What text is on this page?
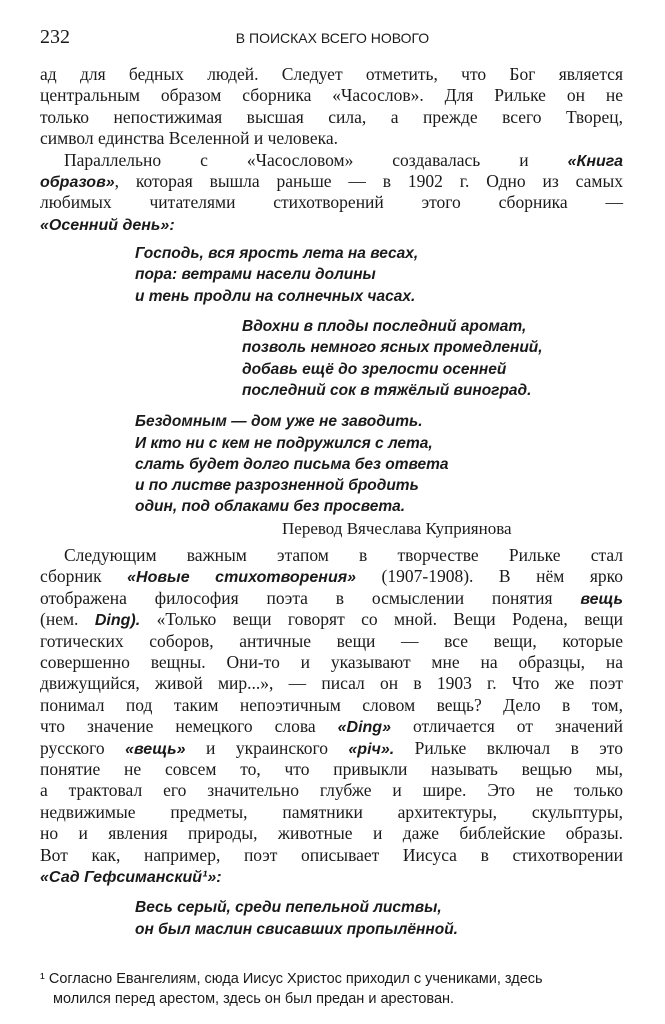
232	В ПОИСКАХ ВСЕГО НОВОГО
ад для бедных людей. Следует отметить, что Бог является
центральным образом сборника «Часослов». Для Рильке он не
только непостижимая высшая сила, а прежде всего Творец,
символ единства Вселенной и человека.
Параллельно с «Часословом» создавалась и «Книга
образов», которая вышла раньше — в 1902 г. Одно из самых
любимых читателями стихотворений этого сборника —
«Осенний день»:
Господь, вся ярость лета на весах,
пора: ветрами насели долины
и тень продли на солнечных часах.
Вдохни в плоды последний аромат,
позволь немного ясных промедлений,
добавь ещё до зрелости осенней
последний сок в тяжёлый виноград.
Бездомным — дом уже не заводить.
И кто ни с кем не подружился с лета,
слать будет долго письма без ответа
и по листве разрозненной бродить
один, под облаками без просвета.
Перевод Вячеслава Куприянова
Следующим важным этапом в творчестве Рильке стал
сборник «Новые стихотворения» (1907-1908). В нём ярко
отображена философия поэта в осмыслении понятия вещь
(нем. Ding). «Только вещи говорят со мной. Вещи Родена, вещи
готических соборов, античные вещи — все вещи, которые
совершенно вещны. Они-то и указывают мне на образцы, на
движущийся, живой мир...», — писал он в 1903 г. Что же поэт
понимал под таким непоэтичным словом вещь? Дело в том,
что значение немецкого слова «Ding» отличается от значений
русского «вещь» и украинского «річ». Рильке включал в это
понятие не совсем то, что привыкли называть вещью мы,
а трактовал его значительно глубже и шире. Это не только
недвижимые предметы, памятники архитектуры, скульптуры,
но и явления природы, животные и даже библейские образы.
Вот как, например, поэт описывает Иисуса в стихотворении
«Сад Гефсиманский¹»:
Весь серый, среди пепельной листвы,
он был маслин свисавших пропылённой.
¹ Согласно Евангелиям, сюда Иисус Христос приходил с учениками, здесь
молился перед арестом, здесь он был предан и арестован.
